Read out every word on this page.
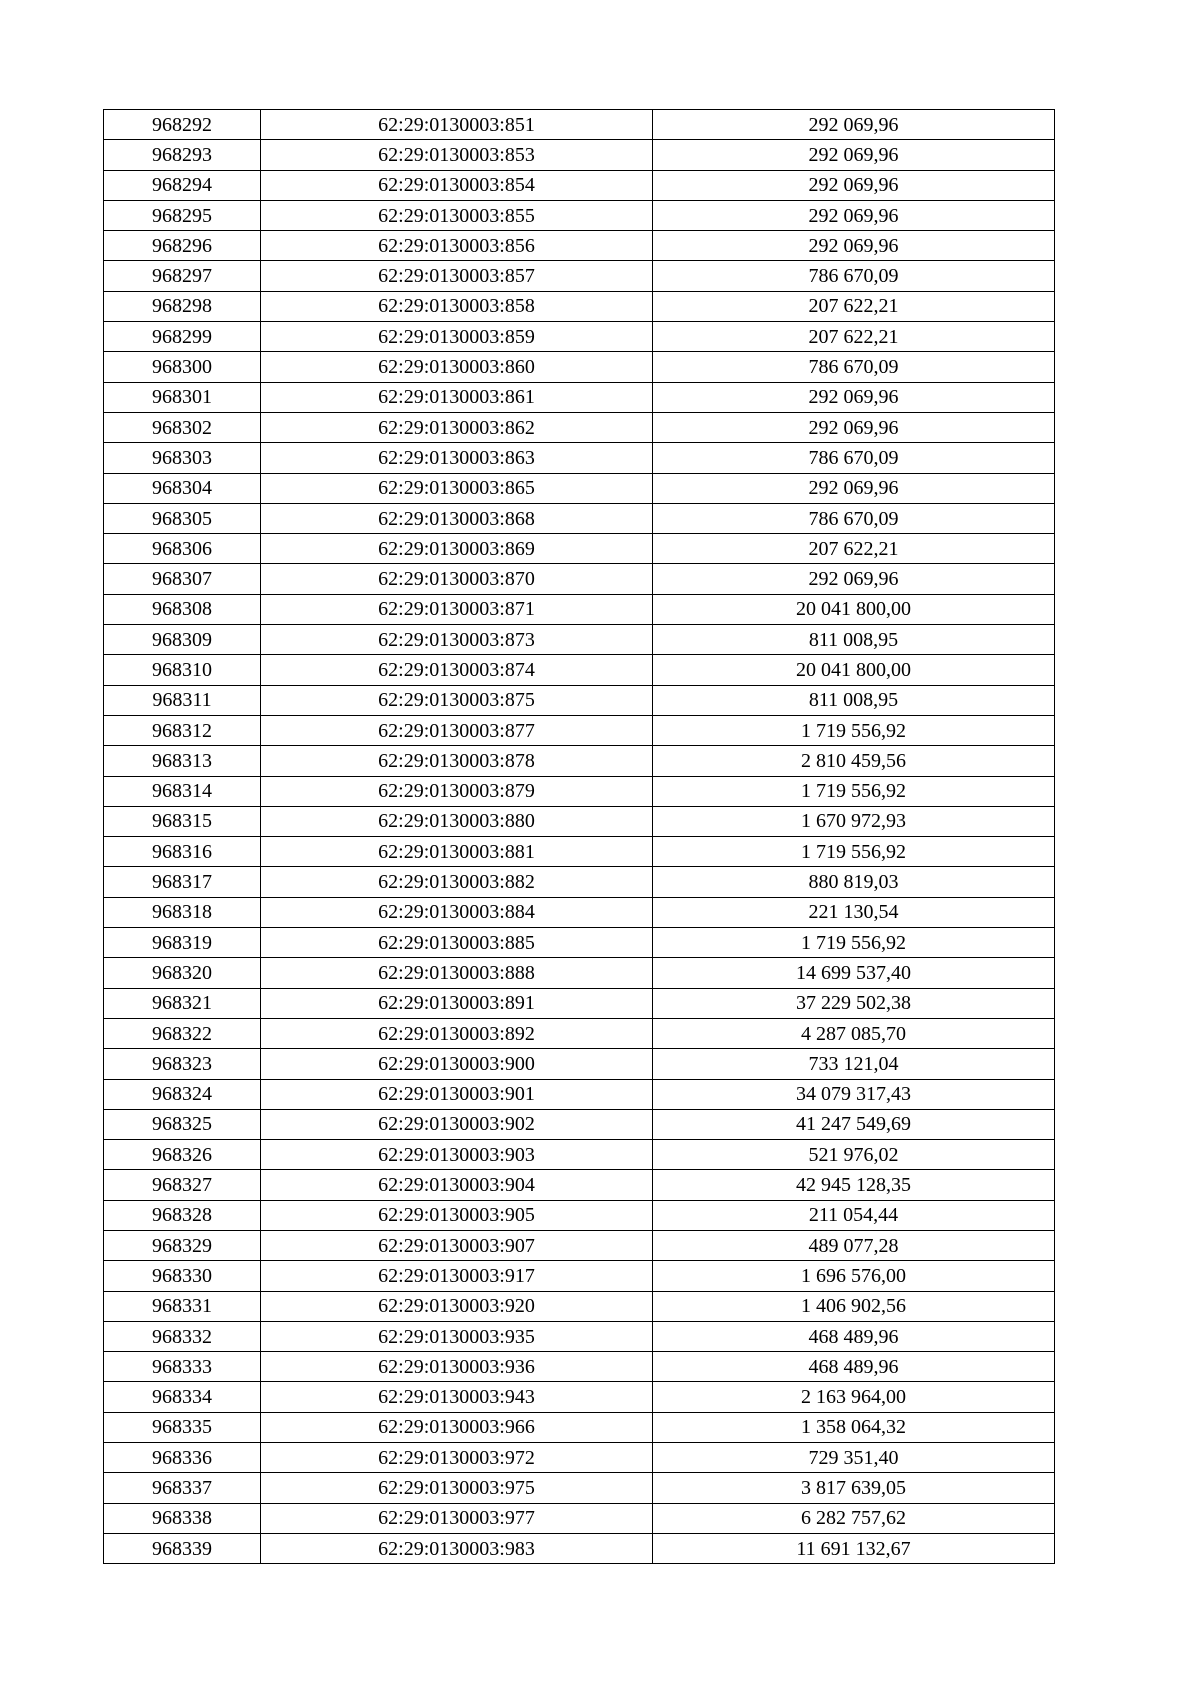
968292	62:29:0130003:851	292 069,96
968293	62:29:0130003:853	292 069,96
968294	62:29:0130003:854	292 069,96
968295	62:29:0130003:855	292 069,96
968296	62:29:0130003:856	292 069,96
968297	62:29:0130003:857	786 670,09
968298	62:29:0130003:858	207 622,21
968299	62:29:0130003:859	207 622,21
968300	62:29:0130003:860	786 670,09
968301	62:29:0130003:861	292 069,96
968302	62:29:0130003:862	292 069,96
968303	62:29:0130003:863	786 670,09
968304	62:29:0130003:865	292 069,96
968305	62:29:0130003:868	786 670,09
968306	62:29:0130003:869	207 622,21
968307	62:29:0130003:870	292 069,96
968308	62:29:0130003:871	20 041 800,00
968309	62:29:0130003:873	811 008,95
968310	62:29:0130003:874	20 041 800,00
968311	62:29:0130003:875	811 008,95
968312	62:29:0130003:877	1 719 556,92
968313	62:29:0130003:878	2 810 459,56
968314	62:29:0130003:879	1 719 556,92
968315	62:29:0130003:880	1 670 972,93
968316	62:29:0130003:881	1 719 556,92
968317	62:29:0130003:882	880 819,03
968318	62:29:0130003:884	221 130,54
968319	62:29:0130003:885	1 719 556,92
968320	62:29:0130003:888	14 699 537,40
968321	62:29:0130003:891	37 229 502,38
968322	62:29:0130003:892	4 287 085,70
968323	62:29:0130003:900	733 121,04
968324	62:29:0130003:901	34 079 317,43
968325	62:29:0130003:902	41 247 549,69
968326	62:29:0130003:903	521 976,02
968327	62:29:0130003:904	42 945 128,35
968328	62:29:0130003:905	211 054,44
968329	62:29:0130003:907	489 077,28
968330	62:29:0130003:917	1 696 576,00
968331	62:29:0130003:920	1 406 902,56
968332	62:29:0130003:935	468 489,96
968333	62:29:0130003:936	468 489,96
968334	62:29:0130003:943	2 163 964,00
968335	62:29:0130003:966	1 358 064,32
968336	62:29:0130003:972	729 351,40
968337	62:29:0130003:975	3 817 639,05
968338	62:29:0130003:977	6 282 757,62
968339	62:29:0130003:983	11 691 132,67
